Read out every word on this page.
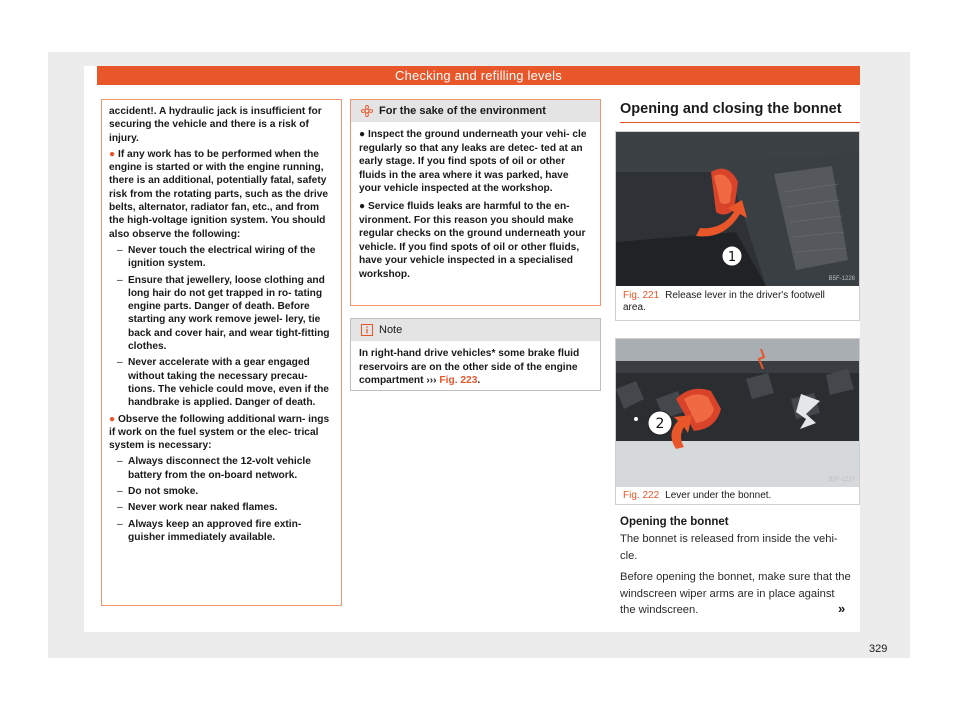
Checking and refilling levels

accident!. A hydraulic jack is insufficient for securing the vehicle and there is a risk of injury.

● If any work has to be performed when the engine is started or with the engine running, there is an additional, potentially fatal, safety risk from the rotating parts, such as the drive belts, alternator, radiator fan, etc., and from the high-voltage ignition system. You should also observe the following:

– Never touch the electrical wiring of the ignition system.

– Ensure that jewellery, loose clothing and long hair do not get trapped in ro- tating engine parts. Danger of death. Before starting any work remove jewel- lery, tie back and cover hair, and wear tight-fitting clothes.

– Never accelerate with a gear engaged without taking the necessary precau- tions. The vehicle could move, even if the handbrake is applied. Danger of death.

● Observe the following additional warn- ings if work on the fuel system or the elec- trical system is necessary:

– Always disconnect the 12-volt vehicle battery from the on-board network.

– Do not smoke.

– Never work near naked flames.

– Always keep an approved fire extin- guisher immediately available.

For the sake of the environment

● Inspect the ground underneath your vehi- cle regularly so that any leaks are detec- ted at an early stage. If you find spots of oil or other fluids in the area where it was parked, have your vehicle inspected at the workshop.

● Service fluids leaks are harmful to the en- vironment. For this reason you should make regular checks on the ground underneath your vehicle. If you find spots of oil or other fluids, have your vehicle inspected in a specialised workshop.

Note
In right-hand drive vehicles* some brake fluid reservoirs are on the other side of the engine compartment ››› Fig. 223.
Opening and closing the bonnet
1
B5F-1226
Fig. 221 Release lever in the driver's footwell area.
2
B5F-1227
Fig. 222 Lever under the bonnet.
Opening the bonnet

The bonnet is released from inside the vehi- cle.

Before opening the bonnet, make sure that the windscreen wiper arms are in place against the windscreen.	»
329
